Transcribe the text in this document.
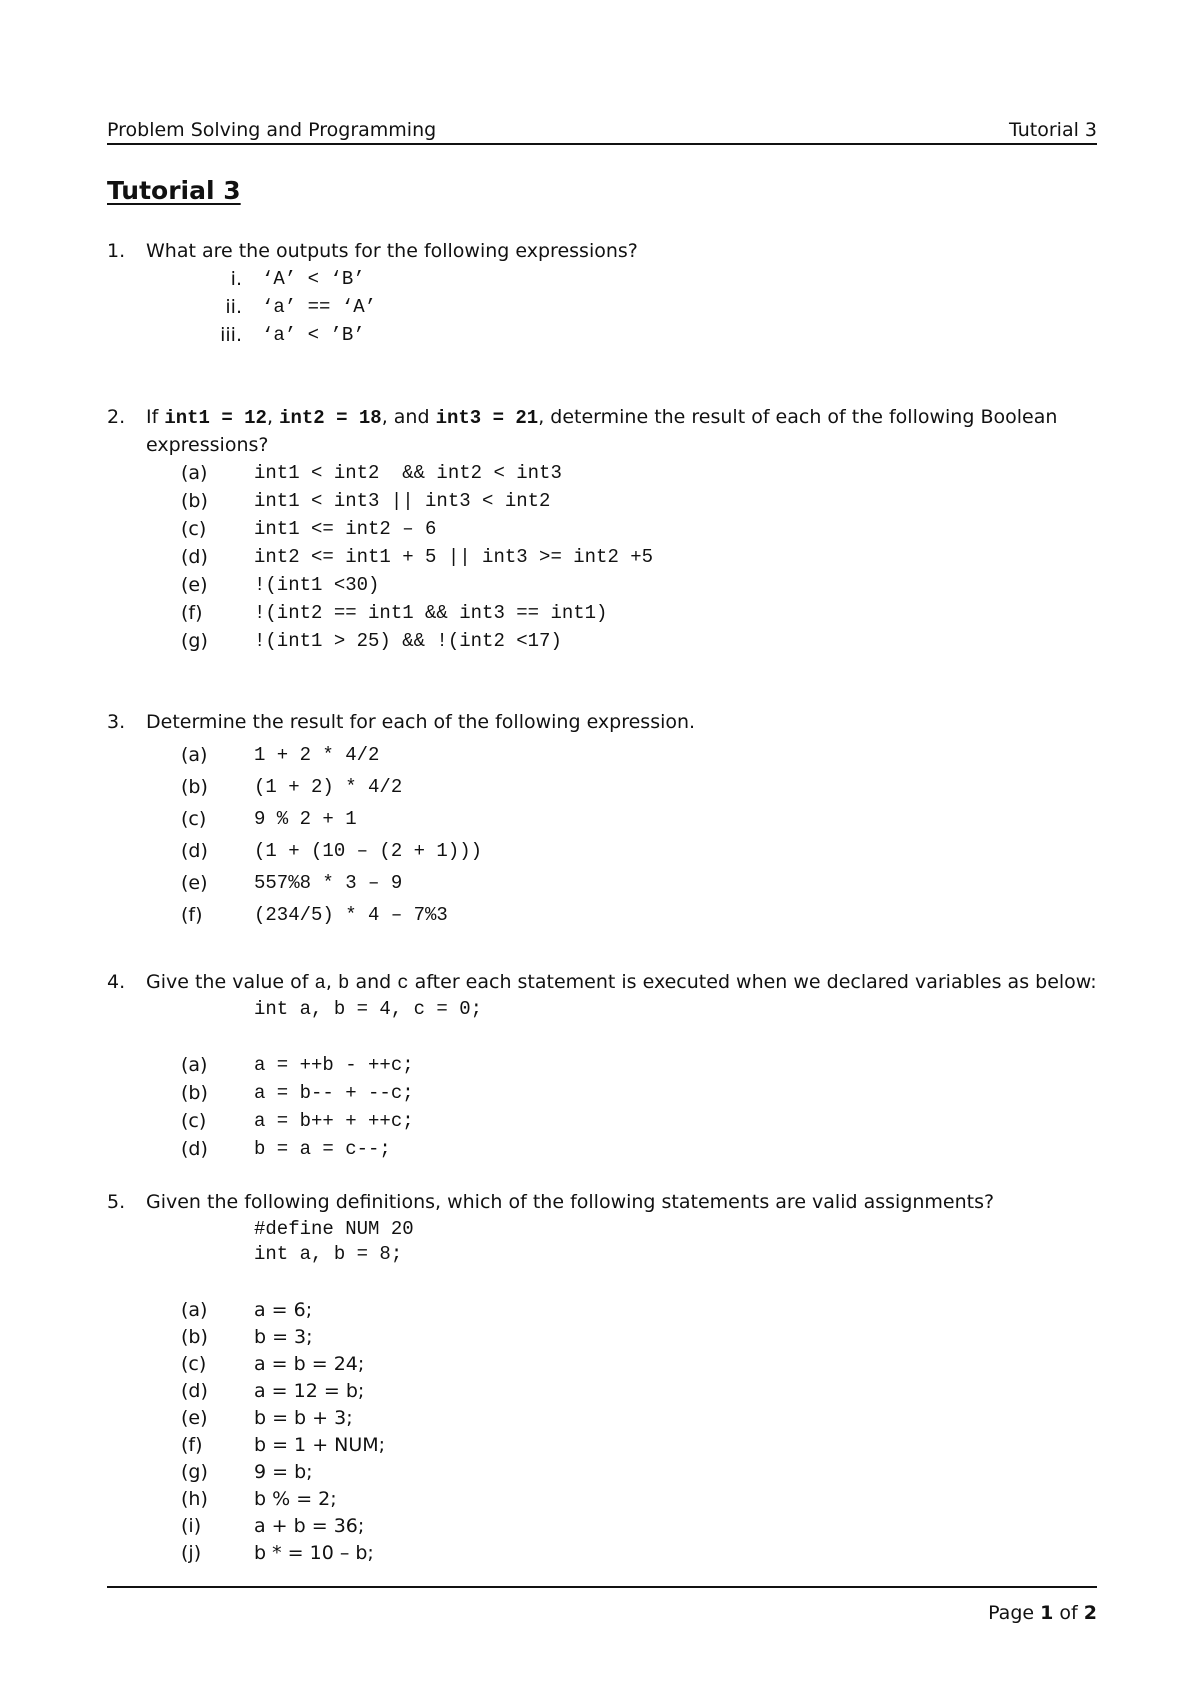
Problem Solving and Programming	Tutorial 3
Tutorial 3
1. What are the outputs for the following expressions?
i. ‘A’ < ‘B’
ii. ‘a’ == ‘A’
iii. ‘a’ < ’B’
2. If int1 = 12, int2 = 18, and int3 = 21, determine the result of each of the following Boolean
expressions?
(a) int1 < int2  && int2 < int3
(b) int1 < int3 || int3 < int2
(c)	int1 <= int2 – 6
(d) int2 <= int1 + 5 || int3 >= int2 +5
(e) !(int1 <30)
(f)	!(int2 == int1 && int3 == int1)
(g) !(int1 > 25) && !(int2 <17)
3. Determine the result for each of the following expression.
(a) 1 + 2 * 4/2
(b) (1 + 2) * 4/2
(c)	9 % 2 + 1
(d) (1 + (10 – (2 + 1)))
(e) 557%8 * 3 – 9
(f)	(234/5) * 4 – 7%3
4. Give the value of a, b and c after each statement is executed when we declared variables as below:
int a, b = 4, c = 0;
(a) a = ++b - ++c;
(b) a = b-- + --c;
(c)	a = b++ + ++c;
(d) b = a = c--;
5. Given the following definitions, which of the following statements are valid assignments?
#define NUM 20
int a, b = 8;
(a) a = 6;
(b) b = 3;
(c)	a = b = 24;
(d) a = 12 = b;
(e) b = b + 3;
(f)	b = 1 + NUM;
(g) 9 = b;
(h) b % = 2;
(i)	a + b = 36;
(j)	b * = 10 – b;
Page 1 of 2
